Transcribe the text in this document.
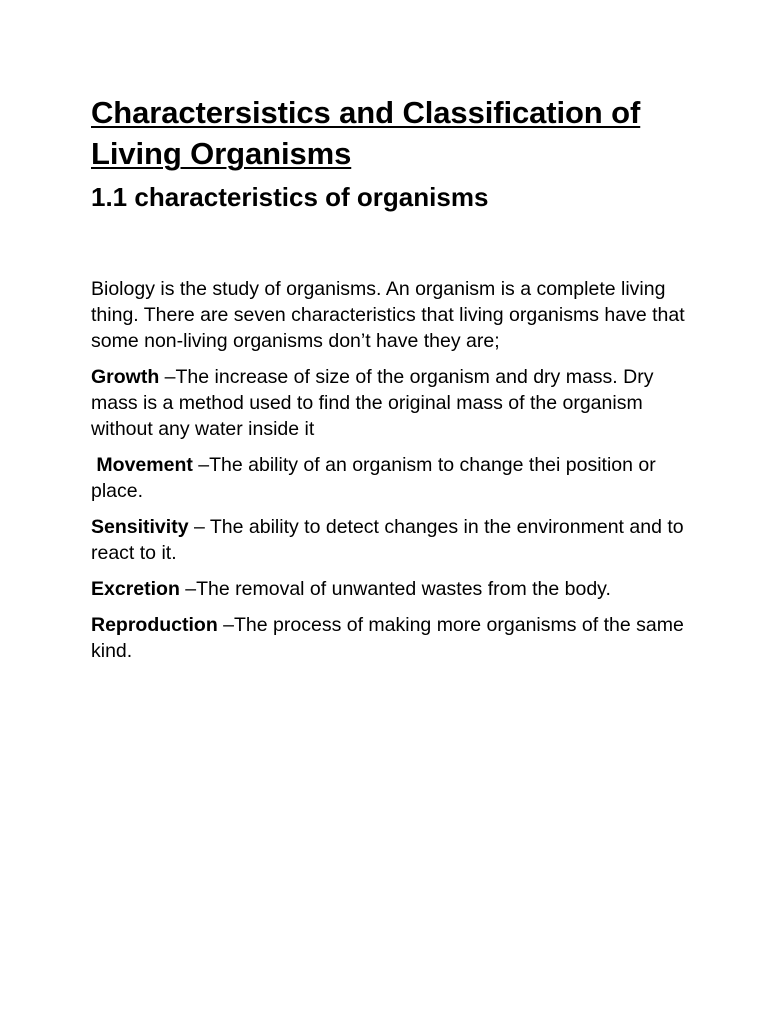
Charactersistics and Classification of Living Organisms
1.1 characteristics of organisms

Biology is the study of organisms. An organism is a complete living thing. There are seven characteristics that living organisms have that some non-living organisms don’t have they are;

Growth –The increase of size of the organism and dry mass. Dry mass is a method used to find the original mass of the organism without any water inside it

Movement –The ability of an organism to change thei position or place.

Sensitivity – The ability to detect changes in the environment and to react to it.

Excretion –The removal of unwanted wastes from the body.

Reproduction –The process of making more organisms of the same kind.
